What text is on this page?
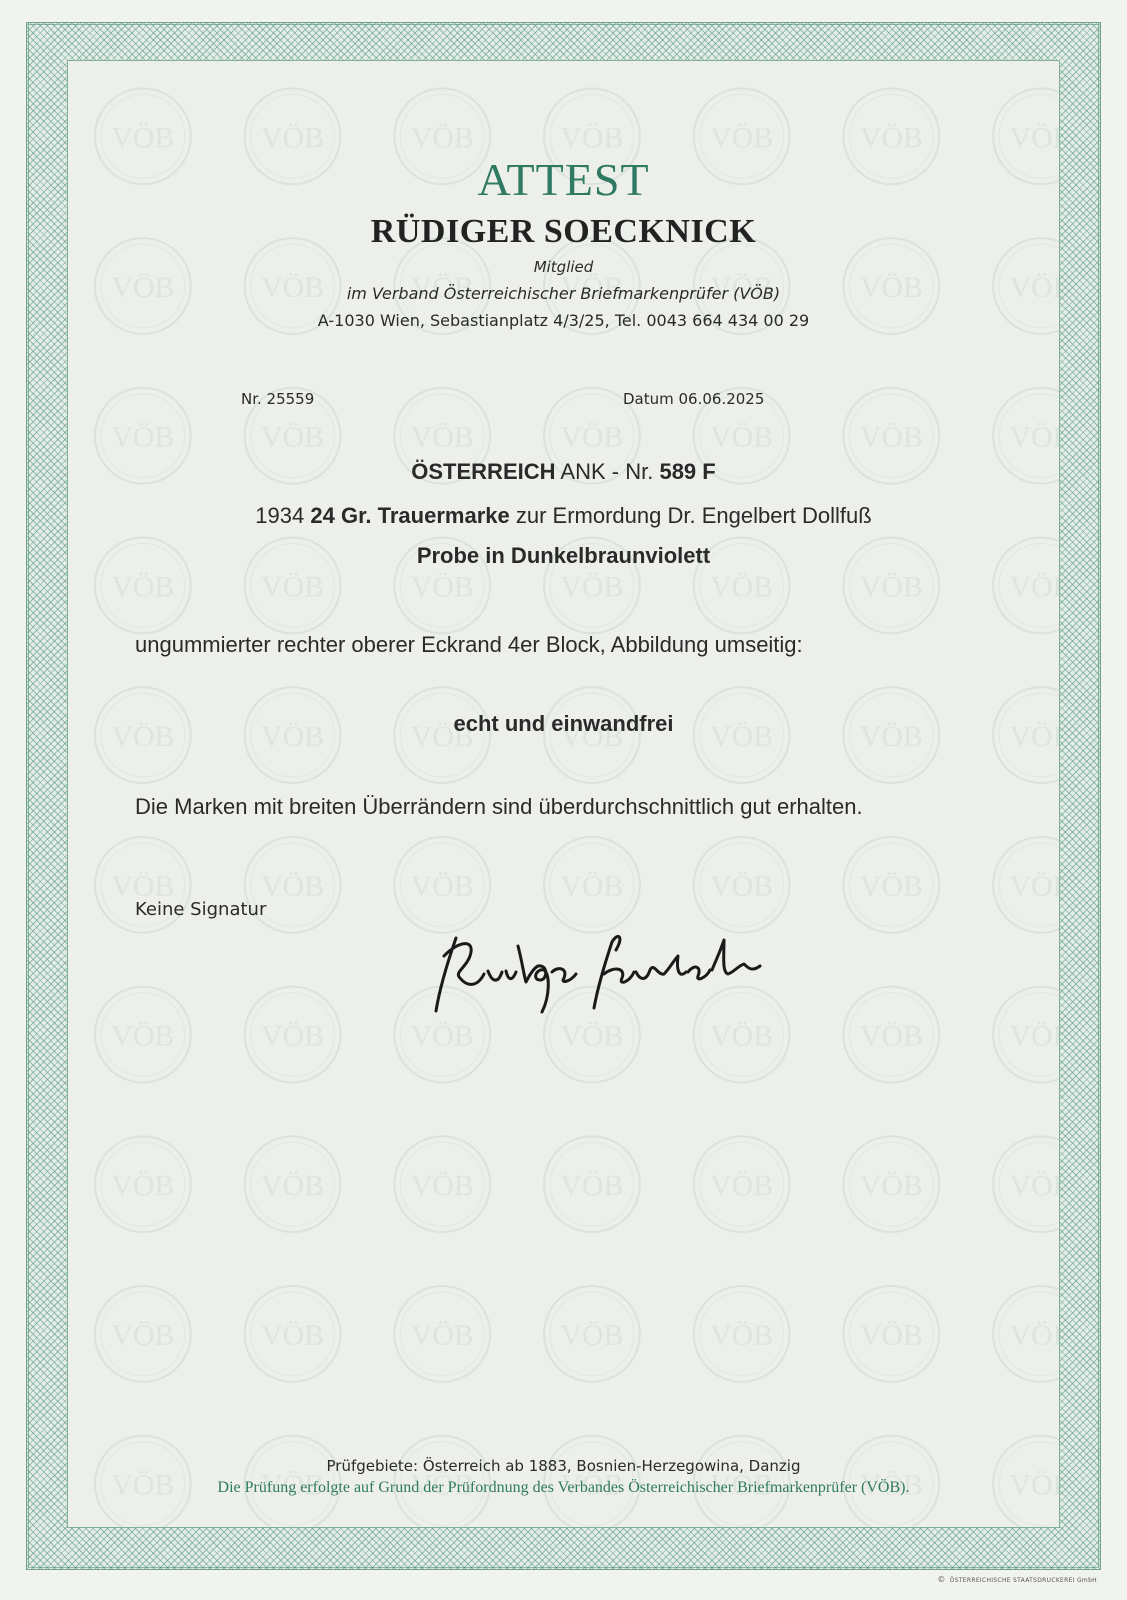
ATTEST
RÜDIGER SOECKNICK
Mitglied
im Verband Österreichischer Briefmarkenprüfer (VÖB)
A-1030 Wien, Sebastianplatz 4/3/25, Tel. 0043 664 434 00 29
Nr. 25559	Datum 06.06.2025
ÖSTERREICH ANK - Nr. 589 F
1934 24 Gr. Trauermarke zur Ermordung Dr. Engelbert Dollfuß
Probe in Dunkelbraunviolett
ungummierter rechter oberer Eckrand 4er Block, Abbildung umseitig:
echt und einwandfrei
Die Marken mit breiten Überrändern sind überdurchschnittlich gut erhalten.
Keine Signatur
Prüfgebiete: Österreich ab 1883, Bosnien-Herzegowina, Danzig
Die Prüfung erfolgte auf Grund der Prüfordnung des Verbandes Österreichischer Briefmarkenprüfer (VÖB).
© ÖSTERREICHISCHE STAATSDRUCKEREI GmbH
